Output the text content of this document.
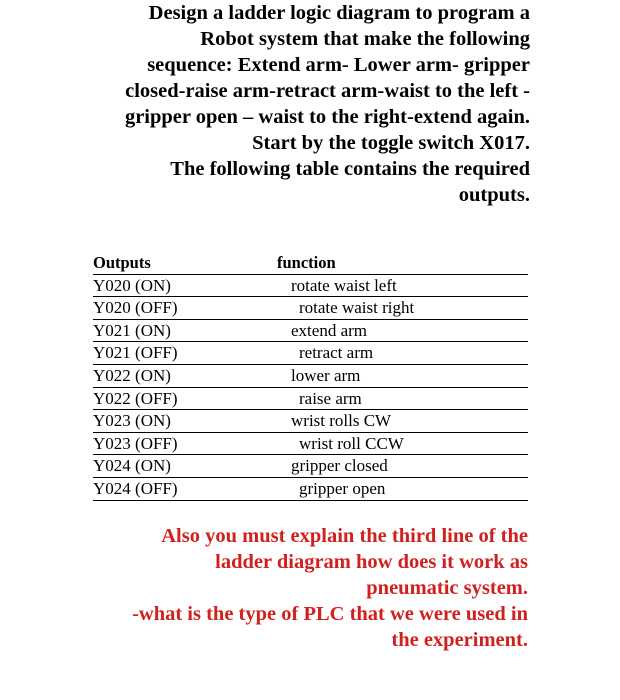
Design a ladder logic diagram to program a
Robot system that make the following
sequence: Extend arm- Lower arm- gripper
closed-raise arm-retract arm-waist to the left -
gripper open – waist to the right-extend again.
Start by the toggle switch X017.
The following table contains the required
outputs.
Outputs	function
Y020 (ON)	rotate waist left
Y020 (OFF)	rotate waist right
Y021 (ON)	extend arm
Y021 (OFF)	retract arm
Y022 (ON)	lower arm
Y022 (OFF)	raise arm
Y023 (ON)	wrist rolls CW
Y023 (OFF)	wrist roll CCW
Y024 (ON)	gripper closed
Y024 (OFF)	gripper open
Also you must explain the third line of the
ladder diagram how does it work as
pneumatic system.
-what is the type of PLC that we were used in
the experiment.
